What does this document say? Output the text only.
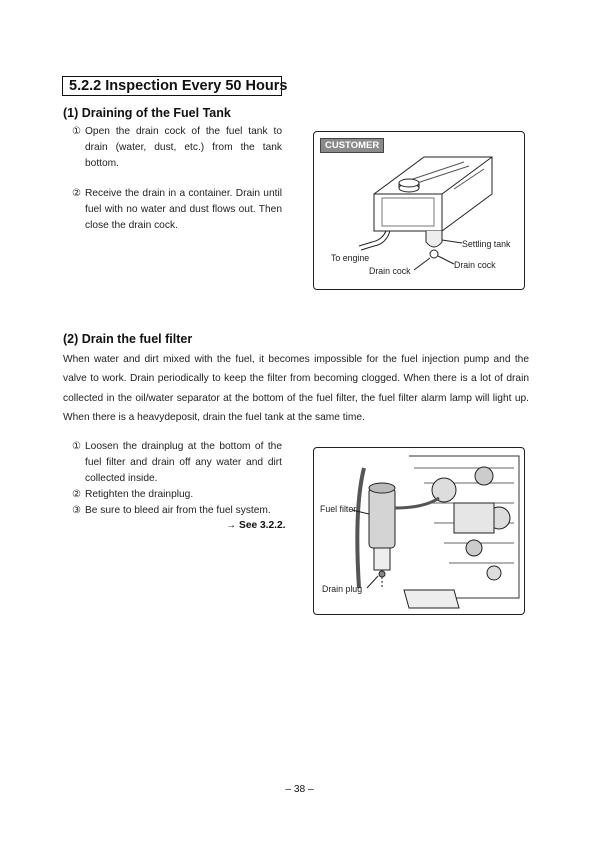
5.2.2 Inspection Every 50 Hours
(1) Draining of the Fuel Tank
① Open the drain cock of the fuel tank to drain (water, dust, etc.) from the tank bottom.
② Receive the drain in a container. Drain until fuel with no water and dust flows out. Then close the drain cock.
CUSTOMER
Settling tank
To engine
Drain cock
Drain cock
(2) Drain the fuel filter
When water and dirt mixed with the fuel, it becomes impossible for the fuel injection pump and the valve to work. Drain periodically to keep the filter from becoming clogged. When there is a lot of drain collected in the oil/water separator at the bottom of the fuel filter, the fuel filter alarm lamp will light up. When there is a heavydeposit, drain the fuel tank at the same time.
① Loosen the drainplug at the bottom of the fuel filter and drain off any water and dirt collected inside.
② Retighten the drainplug.
③ Be sure to bleed air from the fuel system.
→ See 3.2.2.
Fuel filter
Drain plug
– 38 –
